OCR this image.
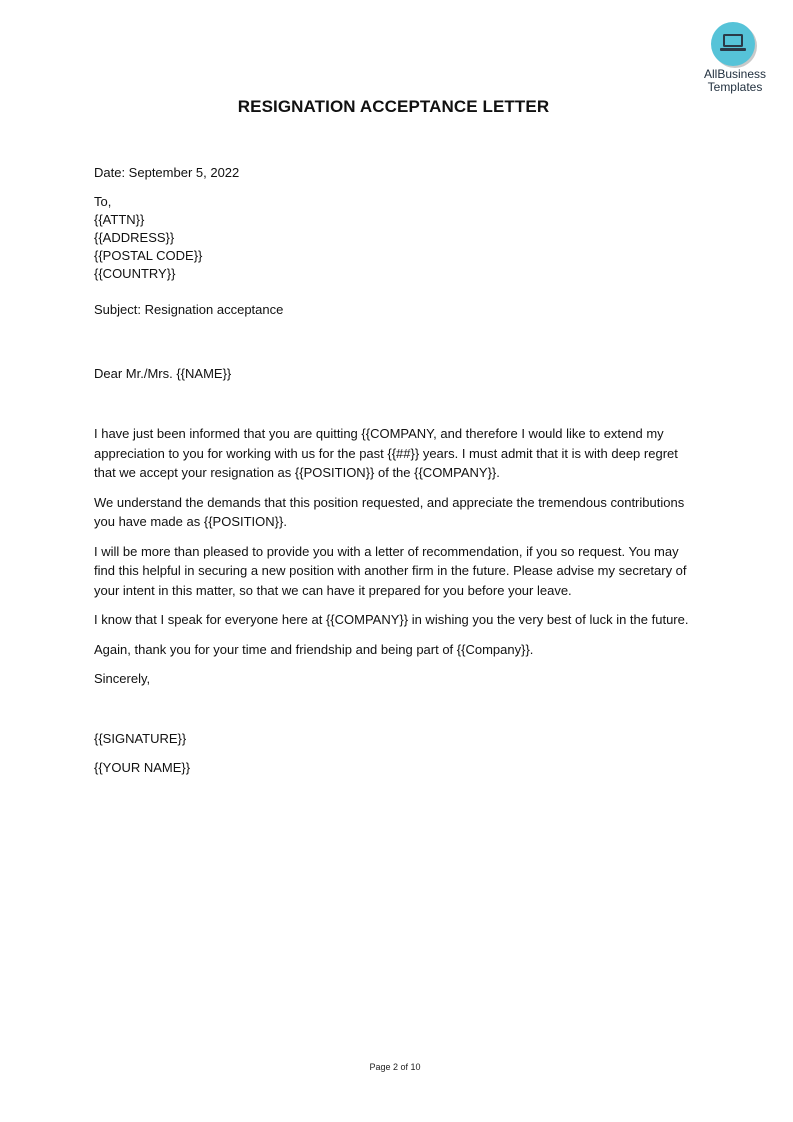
AllBusiness
Templates
RESIGNATION ACCEPTANCE LETTER

Date: September 5, 2022

To,

{{ATTN}}

{{ADDRESS}}

{{POSTAL CODE}}

{{COUNTRY}}

Subject: Resignation acceptance

Dear Mr./Mrs. {{NAME}}

I have just been informed that you are quitting {{COMPANY, and therefore I would like to extend my appreciation to you for working with us for the past {{##}} years. I must admit that it is with deep regret that we accept your resignation as {{POSITION}} of the {{COMPANY}}.

We understand the demands that this position requested, and appreciate the tremendous contributions you have made as {{POSITION}}.

I will be more than pleased to provide you with a letter of recommendation, if you so request. You may find this helpful in securing a new position with another firm in the future. Please advise my secretary of your intent in this matter, so that we can have it prepared for you before your leave.

I know that I speak for everyone here at {{COMPANY}} in wishing you the very best of luck in the future.

Again, thank you for your time and friendship and being part of {{Company}}.

Sincerely,

{{SIGNATURE}}

{{YOUR NAME}}

Page 2 of 10
